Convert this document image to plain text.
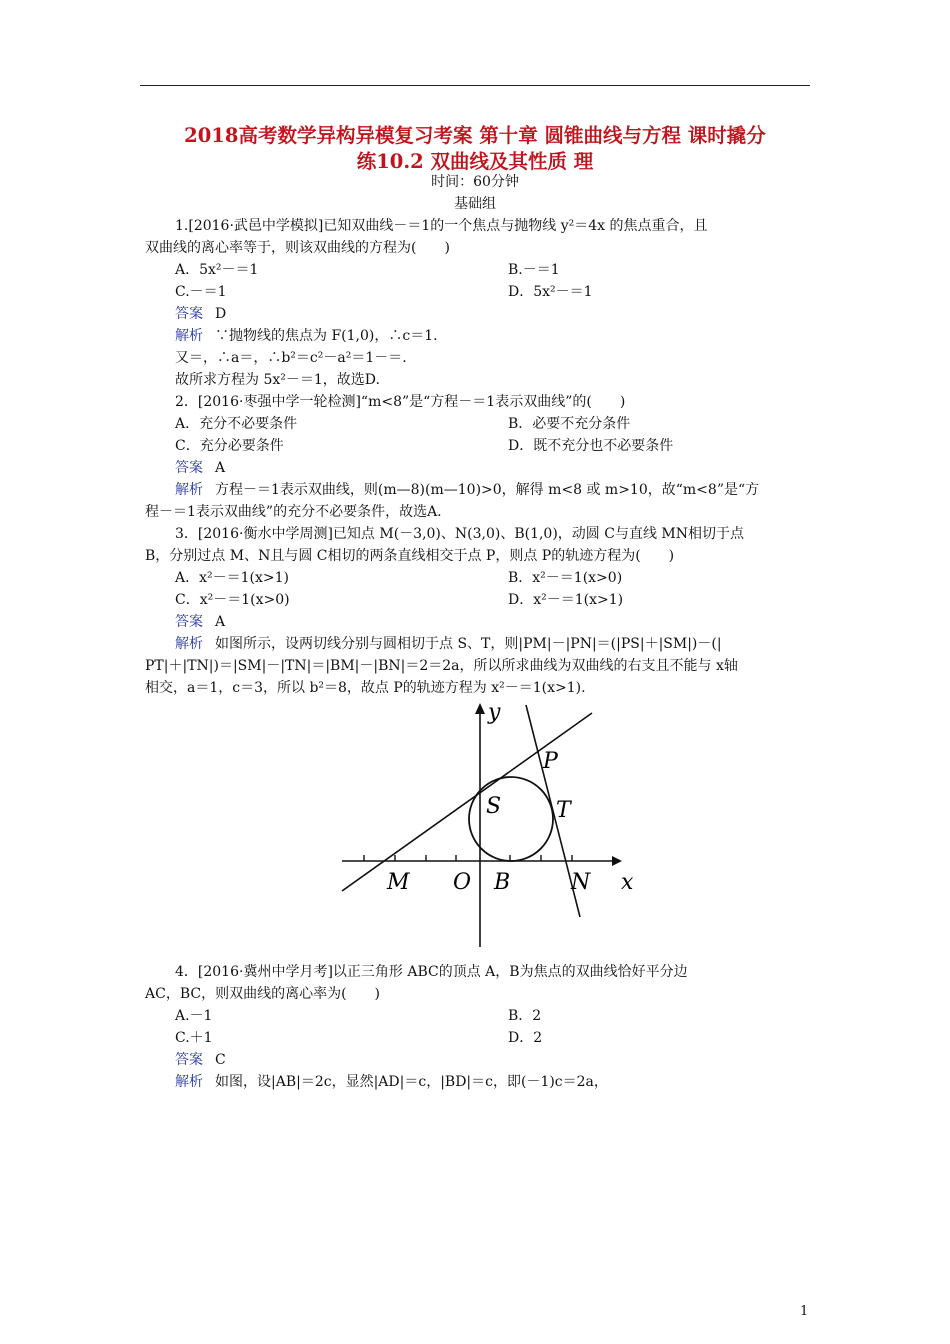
2018高考数学异构异模复习考案 第十章 圆锥曲线与方程 课时撬分
练10.2 双曲线及其性质 理
时间：60分钟
基础组
1.[2016·武邑中学模拟]已知双曲线－＝1的一个焦点与抛物线 y²＝4x 的焦点重合，且
双曲线的离心率等于，则该双曲线的方程为(　　)
A．5x²－＝1	B.－＝1
C.－＝1	D．5x²－＝1
答案 D
解析 ∵抛物线的焦点为 F(1,0)，∴c＝1.
又＝，∴a＝，∴b²＝c²－a²＝1－＝.
故所求方程为 5x²－＝1，故选D.
2．[2016·枣强中学一轮检测]“m<8”是“方程－＝1表示双曲线”的(　　)
A．充分不必要条件	B．必要不充分条件
C．充分必要条件	D．既不充分也不必要条件
答案 A
解析 方程－＝1表示双曲线，则(m—8)(m—10)>0，解得 m<8 或 m>10，故“m<8”是“方
程－＝1表示双曲线”的充分不必要条件，故选A.
3．[2016·衡水中学周测]已知点 M(－3,0)、N(3,0)、B(1,0)，动圆 C与直线 MN相切于点
B，分别过点 M、N且与圆 C相切的两条直线相交于点 P，则点 P的轨迹方程为(　　)
A．x²－＝1(x>1)	B．x²－＝1(x>0)
C．x²－＝1(x>0)	D．x²－＝1(x>1)
答案 A
解析 如图所示，设两切线分别与圆相切于点 S、T，则|PM|－|PN|＝(|PS|＋|SM|)－(|
PT|＋|TN|)＝|SM|－|TN|＝|BM|－|BN|＝2＝2a，所以所求曲线为双曲线的右支且不能与 x轴
相交，a＝1，c＝3，所以 b²＝8，故点 P的轨迹方程为 x²－＝1(x>1).
y
P
S T
M O B	N x
4．[2016·冀州中学月考]以正三角形 ABC的顶点 A，B为焦点的双曲线恰好平分边
AC，BC，则双曲线的离心率为(　　)
A.－1	B．2
C.＋1	D．2
答案 C
解析 如图，设|AB|＝2c，显然|AD|＝c，|BD|＝c，即(－1)c＝2a，
1
